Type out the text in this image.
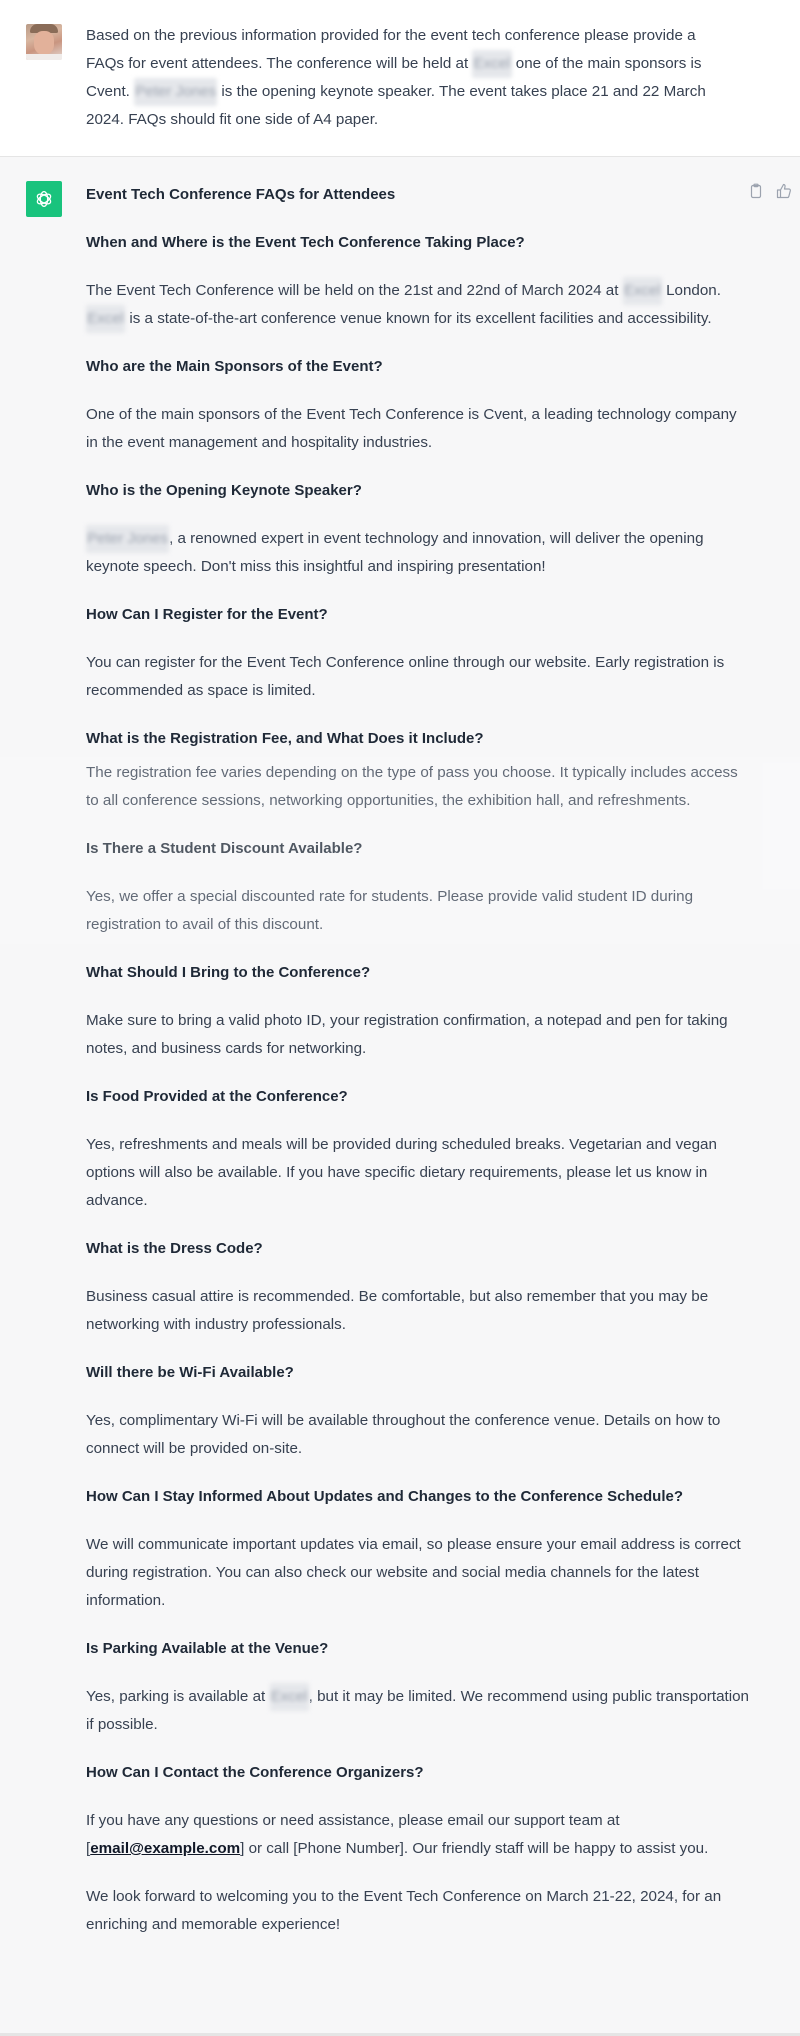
Based on the previous information provided for the event tech conference please provide a FAQs for event attendees. The conference will be held at Excel one of the main sponsors is Cvent. Peter Jones is the opening keynote speaker. The event takes place 21 and 22 March 2024. FAQs should fit one side of A4 paper.
Event Tech Conference FAQs for Attendees
When and Where is the Event Tech Conference Taking Place?

The Event Tech Conference will be held on the 21st and 22nd of March 2024 at Excel London. Excel is a state-of-the-art conference venue known for its excellent facilities and accessibility.

Who are the Main Sponsors of the Event?

One of the main sponsors of the Event Tech Conference is Cvent, a leading technology company in the event management and hospitality industries.

Who is the Opening Keynote Speaker?

Peter Jones, a renowned expert in event technology and innovation, will deliver the opening keynote speech. Don't miss this insightful and inspiring presentation!

How Can I Register for the Event?

You can register for the Event Tech Conference online through our website. Early registration is recommended as space is limited.

What is the Registration Fee, and What Does it Include?

The registration fee varies depending on the type of pass you choose. It typically includes access to all conference sessions, networking opportunities, the exhibition hall, and refreshments.

Is There a Student Discount Available?

Yes, we offer a special discounted rate for students. Please provide valid student ID during registration to avail of this discount.

What Should I Bring to the Conference?

Make sure to bring a valid photo ID, your registration confirmation, a notepad and pen for taking notes, and business cards for networking.

Is Food Provided at the Conference?

Yes, refreshments and meals will be provided during scheduled breaks. Vegetarian and vegan options will also be available. If you have specific dietary requirements, please let us know in advance.

What is the Dress Code?

Business casual attire is recommended. Be comfortable, but also remember that you may be networking with industry professionals.

Will there be Wi-Fi Available?

Yes, complimentary Wi-Fi will be available throughout the conference venue. Details on how to connect will be provided on-site.

How Can I Stay Informed About Updates and Changes to the Conference Schedule?

We will communicate important updates via email, so please ensure your email address is correct during registration. You can also check our website and social media channels for the latest information.

Is Parking Available at the Venue?

Yes, parking is available at Excel, but it may be limited. We recommend using public transportation if possible.

How Can I Contact the Conference Organizers?

If you have any questions or need assistance, please email our support team at [email@example.com] or call [Phone Number]. Our friendly staff will be happy to assist you.

We look forward to welcoming you to the Event Tech Conference on March 21-22, 2024, for an enriching and memorable experience!
